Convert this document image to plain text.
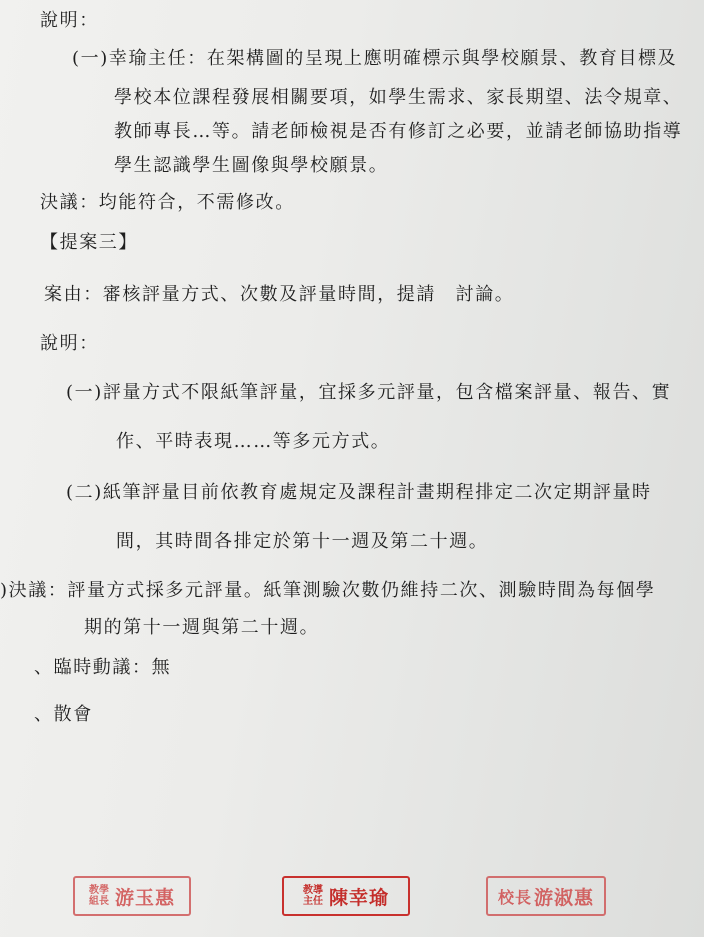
說明：
(一)幸瑜主任：在架構圖的呈現上應明確標示與學校願景、教育目標及
學校本位課程發展相關要項，如學生需求、家長期望、法令規章、
教師專長…等。請老師檢視是否有修訂之必要，並請老師協助指導
學生認識學生圖像與學校願景。
決議：均能符合，不需修改。
【提案三】
案由：審核評量方式、次數及評量時間，提請　討論。
說明：
(一)評量方式不限紙筆評量，宜採多元評量，包含檔案評量、報告、實
作、平時表現……等多元方式。
(二)紙筆評量目前依教育處規定及課程計畫期程排定二次定期評量時
間，其時間各排定於第十一週及第二十週。
)決議：評量方式採多元評量。紙筆測驗次數仍維持二次、測驗時間為每個學
期的第十一週與第二十週。
、臨時動議：無
、散會
教學
組長 游玉惠	教導
主任 陳幸瑜	校長 游淑惠
